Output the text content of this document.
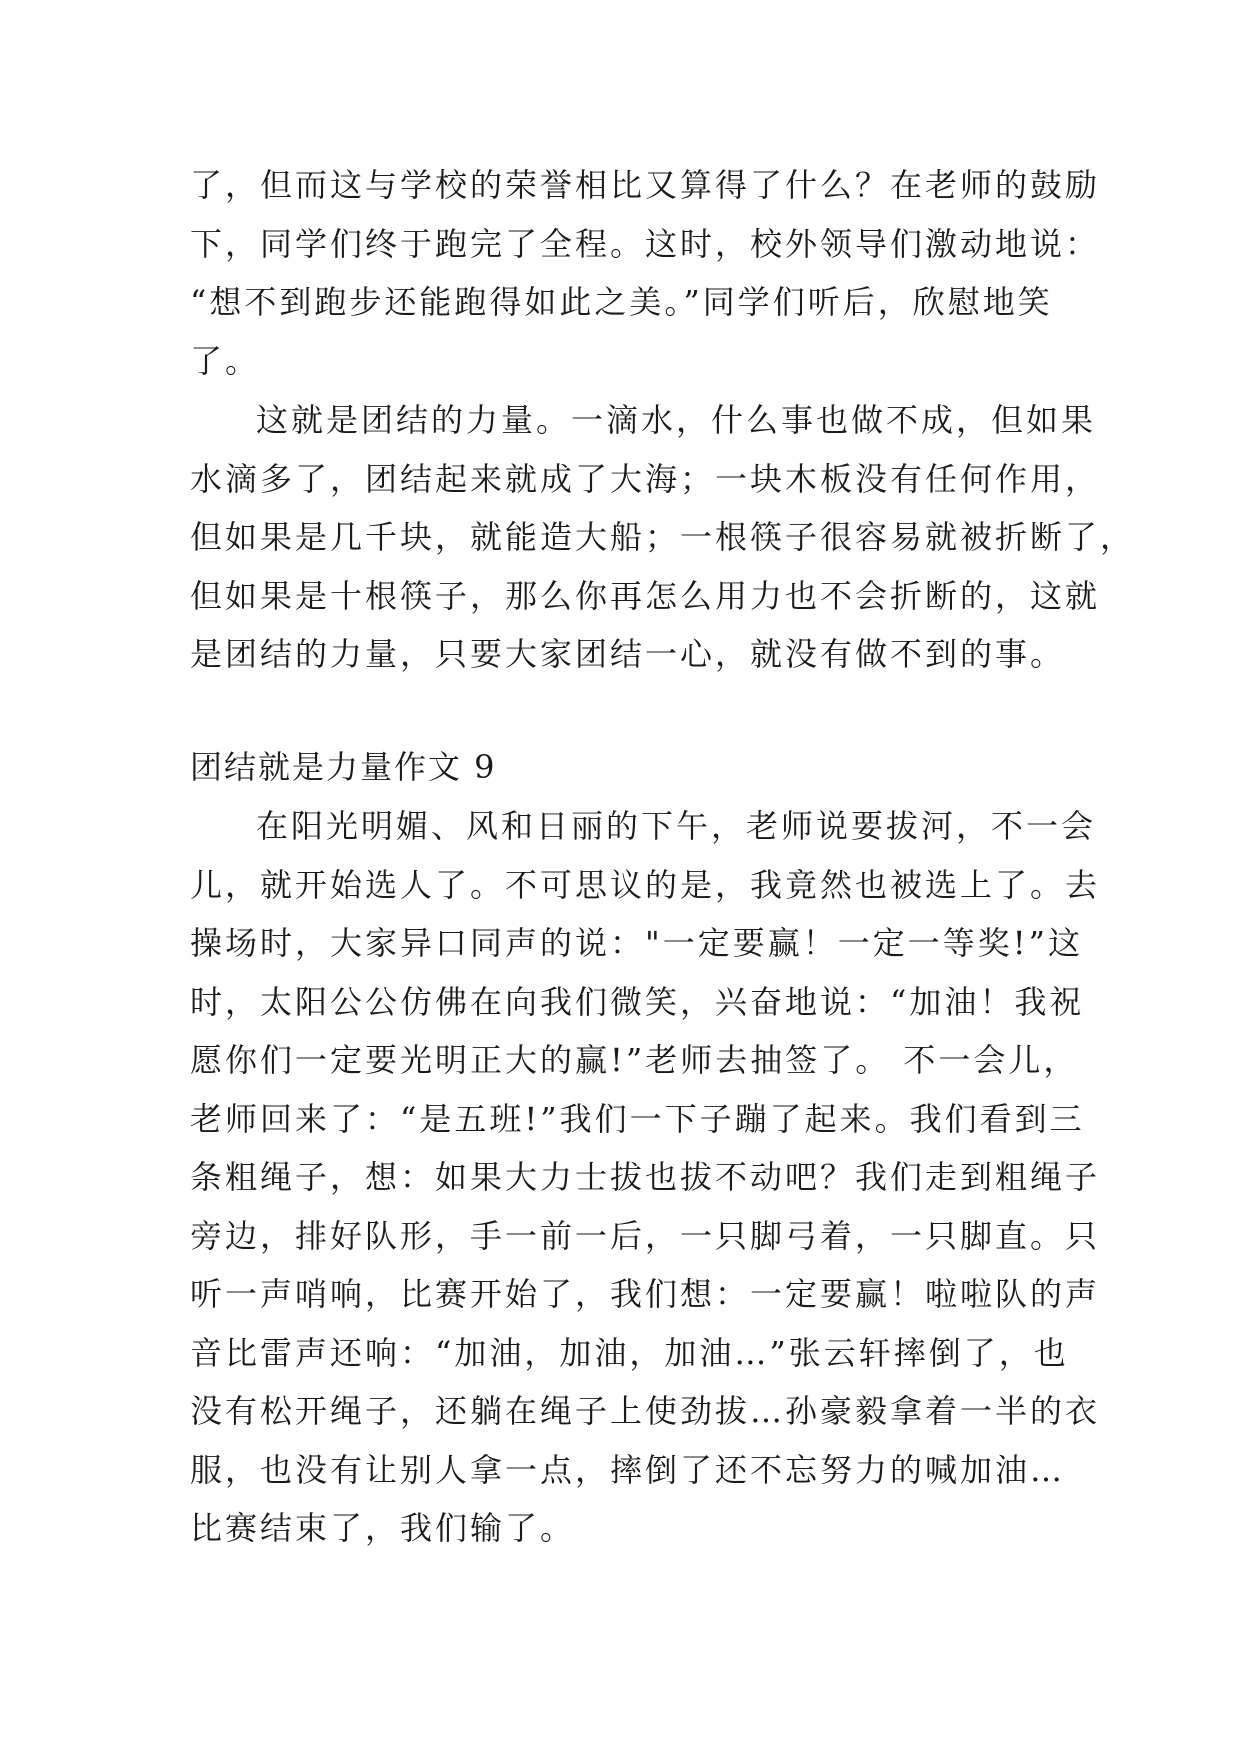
了，但而这与学校的荣誉相比又算得了什么？在老师的鼓励
下，同学们终于跑完了全程。这时，校外领导们激动地说：
“想不到跑步还能跑得如此之美。”同学们听后，欣慰地笑
了。
这就是团结的力量。一滴水，什么事也做不成，但如果
水滴多了，团结起来就成了大海；一块木板没有任何作用，
但如果是几千块，就能造大船；一根筷子很容易就被折断了，
但如果是十根筷子，那么你再怎么用力也不会折断的，这就
是团结的力量，只要大家团结一心，就没有做不到的事。
团结就是力量作文 9
在阳光明媚、风和日丽的下午，老师说要拔河，不一会
儿，就开始选人了。不可思议的是，我竟然也被选上了。去
操场时，大家异口同声的说："一定要赢！一定一等奖!”这
时，太阳公公仿佛在向我们微笑，兴奋地说：“加油！我祝
愿你们一定要光明正大的赢!”老师去抽签了。 不一会儿，
老师回来了：“是五班!”我们一下子蹦了起来。我们看到三
条粗绳子，想：如果大力士拔也拔不动吧？我们走到粗绳子
旁边，排好队形，手一前一后，一只脚弓着，一只脚直。只
听一声哨响，比赛开始了，我们想：一定要赢！啦啦队的声
音比雷声还响：“加油，加油，加油…”张云轩摔倒了，也
没有松开绳子，还躺在绳子上使劲拔…孙豪毅拿着一半的衣
服，也没有让别人拿一点，摔倒了还不忘努力的喊加油…
比赛结束了，我们输了。
